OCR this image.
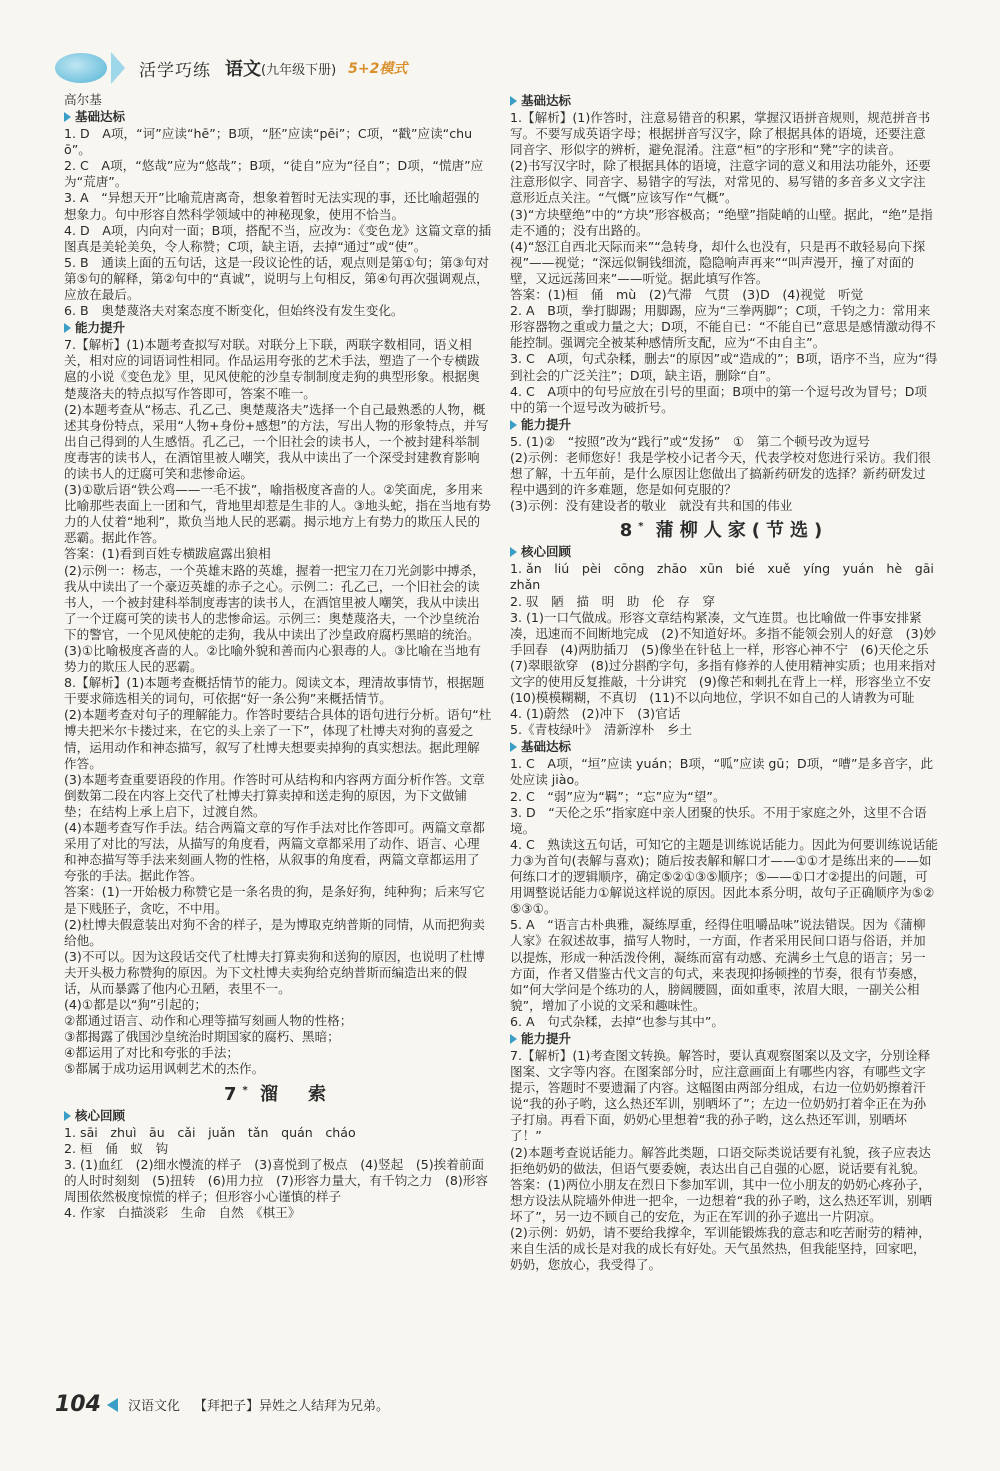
活学巧练 语文 (九年级下册) 5+2模式

高尔基

基础达标

1. D　A项，“诃”应读“hē”；B项，“胚”应读“pēi”；C项，“戳”应读“chuō”。

2. C　A项，“悠哉”应为“悠哉”；B项，“徒自”应为“径自”；D项，“慌唐”应为“荒唐”。

3. A　“异想天开”比喻荒唐离奇，想象着暂时无法实现的事，还比喻超强的想象力。句中形容自然科学领域中的神秘现象，使用不恰当。

4. D　A项，内向对一面；B项，搭配不当，应改为：《变色龙》这篇文章的插图真是美轮美奂，令人称赞；C项，缺主语，去掉“通过”或“使”。

5. B　通读上面的五句话，这是一段议论性的话，观点则是第①句；第③句对第⑤句的解释，第②句中的“真诚”，说明与上句相反，第④句再次强调观点，应放在最后。

6. B　奥楚蔑洛夫对案态度不断变化，但始终没有发生变化。

能力提升

7.【解析】(1)本题考查拟写对联。对联分上下联，两联字数相同，语义相关，相对应的词语词性相同。作品运用夸张的艺术手法，塑造了一个专横跋扈的小说《变色龙》里，见风使舵的沙皇专制制度走狗的典型形象。根据奥楚蔑洛夫的特点拟写作答即可，答案不唯一。

(2)本题考查从“杨志、孔乙己、奥楚蔑洛夫”选择一个自己最熟悉的人物，概述其身份特点，采用“人物+身份+感想”的方法，写出人物的形象特点，并写出自己得到的人生感悟。孔乙己，一个旧社会的读书人，一个被封建科举制度毒害的读书人，在酒馆里被人嘲笑，我从中读出了一个深受封建教育影响的读书人的迂腐可笑和悲惨命运。

(3)①歇后语“铁公鸡——一毛不拔”，喻指极度吝啬的人。②笑面虎，多用来比喻那些表面上一团和气，背地里却惹是生非的人。③地头蛇，指在当地有势力的人仗着“地利”，欺负当地人民的恶霸。揭示地方上有势力的欺压人民的恶霸。据此作答。

答案：(1)看到百姓专横跋扈露出狼相

(2)示例一：杨志，一个英雄末路的英雄，握着一把宝刀在刀光剑影中搏杀，我从中读出了一个豪迈英雄的赤子之心。示例二：孔乙己，一个旧社会的读书人，一个被封建科举制度毒害的读书人，在酒馆里被人嘲笑，我从中读出了一个迂腐可笑的读书人的悲惨命运。示例三：奥楚蔑洛夫，一个沙皇统治下的警官，一个见风使舵的走狗，我从中读出了沙皇政府腐朽黑暗的统治。

(3)①比喻极度吝啬的人。②比喻外貌和善而内心狠毒的人。③比喻在当地有势力的欺压人民的恶霸。

8.【解析】(1)本题考查概括情节的能力。阅读文本，理清故事情节，根据题干要求筛选相关的词句，可依据“好一条公狗”来概括情节。

(2)本题考查对句子的理解能力。作答时要结合具体的语句进行分析。语句“杜博夫把米尔卡搂过来，在它的头上亲了一下”，体现了杜博夫对狗的喜爱之情，运用动作和神态描写，叙写了杜博夫想要卖掉狗的真实想法。据此理解作答。

(3)本题考查重要语段的作用。作答时可从结构和内容两方面分析作答。文章倒数第二段在内容上交代了杜博夫打算卖掉和送走狗的原因，为下文做铺垫；在结构上承上启下，过渡自然。

(4)本题考查写作手法。结合两篇文章的写作手法对比作答即可。两篇文章都采用了对比的写法，从描写的角度看，两篇文章都采用了动作、语言、心理和神态描写等手法来刻画人物的性格，从叙事的角度看，两篇文章都运用了夸张的手法。据此作答。

答案：(1)一开始极力称赞它是一条名贵的狗，是条好狗，纯种狗；后来写它是下贱胚子，贪吃，不中用。

(2)杜博夫假意装出对狗不舍的样子，是为博取克纳普斯的同情，从而把狗卖给他。

(3)不可以。因为这段话交代了杜博夫打算卖狗和送狗的原因，也说明了杜博夫开头极力称赞狗的原因。为下文杜博夫卖狗给克纳普斯而编造出来的假话，从而暴露了他内心丑陋，表里不一。

(4)①都是以“狗”引起的；

②都通过语言、动作和心理等描写刻画人物的性格；

③都揭露了俄国沙皇统治时期国家的腐朽、黑暗；

④都运用了对比和夸张的手法；

⑤都属于成功运用讽刺艺术的杰作。

7* 溜　索
核心回顾

1. sāi　zhuì　āu　cǎi　juǎn　tǎn　quán　cháo

2. 桓　俑　蚁　钩

3. (1)血红　(2)细水慢流的样子　(3)喜悦到了极点　(4)竖起　(5)挨着前面的人时时刻刻　(5)扭转　(6)用力拉　(7)形容力量大，有千钧之力　(8)形容周围依然极度惊慌的样子；但形容小心谨慎的样子

4. 作家　白描淡彩　生命　自然　《棋王》

基础达标

1.【解析】(1)作答时，注意易错音的积累，掌握汉语拼音规则，规范拼音书写。不要写成英语字母；根据拼音写汉字，除了根据具体的语境，还要注意同音字、形似字的辨析，避免混淆。注意“桓”的字形和“凳”字的读音。

(2)书写汉字时，除了根据具体的语境，注意字词的意义和用法功能外，还要注意形似字、同音字、易错字的写法，对常见的、易写错的多音多义文字注意形近点关注。“气慨”应该写作“气概”。

(3)“方块壁绝”中的“方块”形容极高；“绝壁”指陡峭的山壁。据此，“绝”是指走不通的；没有出路的。

(4)“怒江自西北天际而来”“急转身，却什么也没有，只是再不敢轻易向下探视”——视觉；“深远似铜钱细流，隐隐响声再来”“叫声漫开，撞了对面的壁，又远远荡回来”——听觉。据此填写作答。

答案：(1)桓　俑　mù　(2)气滞　气贯　(3)D　(4)视觉　听觉

2. A　B项，拳打脚踢；用脚踢，应为“三拳两脚”；C项，千钧之力：常用来形容器物之重或力量之大；D项，不能自已：“不能自已”意思是感情激动得不能控制。强调完全被某种感情所支配，应为“不由自主”。

3. C　A项，句式杂糅，删去“的原因”或“造成的”；B项，语序不当，应为“得到社会的广泛关注”；D项，缺主语，删除“自”。

4. C　A项中的句号应放在引号的里面；B项中的第一个逗号改为冒号；D项中的第一个逗号改为破折号。

能力提升

5. (1)②　“按照”改为“践行”或“发扬”　①　第二个顿号改为逗号

(2)示例：老师您好！我是学校小记者今天，代表学校对您进行采访。我们很想了解，十五年前，是什么原因让您做出了搞新药研发的选择？新药研发过程中遇到的许多难题，您是如何克服的？

(3)示例：没有建设者的敬业　就没有共和国的伟业

8* 蒲柳人家(节选)
核心回顾

1. ǎn　liú　pèi　cōng　zhāo　xūn　bié　xuě　yíng　yuán　hè　gāi　zhǎn

2. 驭　陋　描　明　助　伦　存　穿

3. (1)一口气做成。形容文章结构紧凑，文气连贯。也比喻做一件事安排紧凑，迅速而不间断地完成　(2)不知道好坏。多指不能领会别人的好意　(3)妙手回春　(4)两肋插刀　(5)像坐在针毡上一样，形容心神不宁　(6)天伦之乐　(7)翠眼欲穿　(8)过分斟酌字句，多指有修养的人使用精神实质；也用来指对文字的使用反复推敲，十分讲究　(9)像芒和刺扎在背上一样，形容坐立不安　(10)模模糊糊，不真切　(11)不以向地位，学识不如自己的人请教为可耻

4. (1)蔚然　(2)冲下　(3)官话

5.《青枝绿叶》　清新淳朴　乡土

基础达标

1. C　A项，“垣”应读 yuán；B项，“呱”应读 gū；D项，“嘈”是多音字，此处应读 jiào。

2. C　“弱”应为“羁”；“忘”应为“望”。

3. D　“天伦之乐”指家庭中亲人团聚的快乐。不用于家庭之外，这里不合语境。

4. C　熟读这五句话，可知它的主题是训练说话能力。因此为何要训练说话能力③为首句(表解与喜欢)；随后按表解和解口才——①①才是练出来的——如何练口才的逻辑顺序，确定⑤②①③⑤顺序；⑤——①口才②提出的问题，可用调整说话能力①解说这样说的原因。因此本系分明，故句子正确顺序为⑤②⑤③①。

5. A　“语言古朴典雅，凝练厚重，经得住咀嚼品味”说法错误。因为《蒲柳人家》在叙述故事，描写人物时，一方面，作者采用民间口语与俗语，并加以提炼，形成一种活泼伶俐，凝练而富有动感、充满乡土气息的语言；另一方面，作者又借鉴古代文言的句式，来表现抑扬顿挫的节奏，很有节奏感，如“何大学问是个练功的人，膀阔腰圆，面如重枣，浓眉大眼，一副关公相貌”，增加了小说的文采和趣味性。

6. A　句式杂糅，去掉“也参与其中”。

能力提升

7.【解析】(1)考查图文转换。解答时，要认真观察图案以及文字，分别诠释图案、文字等内容。在图案部分时，应注意画面上有哪些内容，有哪些文字提示，答题时不要遗漏了内容。这幅图由两部分组成，右边一位奶奶擦着汗说“我的孙子哟，这么热还军训，别晒坏了”；左边一位奶奶打着伞正在为孙子打扇。再看下面，奶奶心里想着“我的孙子哟，这么热还军训，别晒坏了！”

(2)本题考查说话能力。解答此类题，口语交际类说话要有礼貌，孩子应表达拒绝奶奶的做法，但语气要委婉，表达出自己自强的心愿，说话要有礼貌。

答案：(1)两位小朋友在烈日下参加军训，其中一位小朋友的奶奶心疼孙子，想方设法从院墙外伸进一把伞，一边想着“我的孙子哟，这么热还军训，别晒坏了”，另一边不顾自己的安危，为正在军训的孙子遮出一片阴凉。

(2)示例：奶奶，请不要给我撑伞，军训能锻炼我的意志和吃苦耐劳的精神，来自生活的成长是对我的成长有好处。天气虽然热，但我能坚持，回家吧，奶奶，您放心，我受得了。

104 汉语文化 【拜把子】异姓之人结拜为兄弟。
